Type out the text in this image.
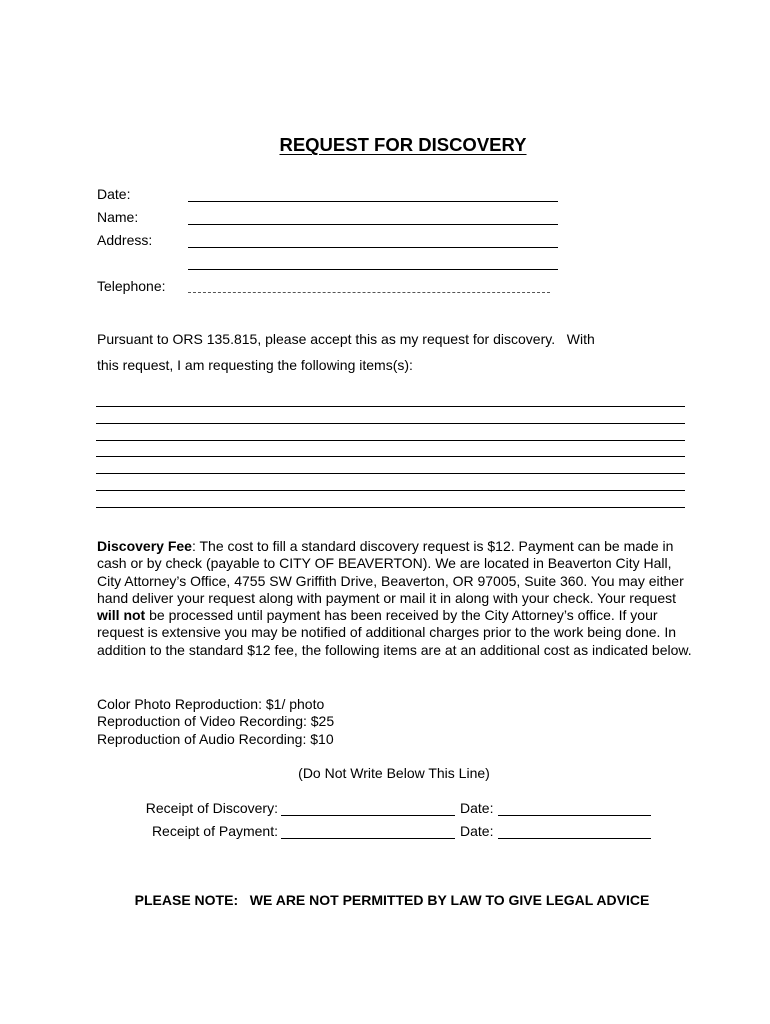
REQUEST FOR DISCOVERY
Date:
Name:
Address:
Telephone:
Pursuant to ORS 135.815, please accept this as my request for discovery.   With
this request, I am requesting the following items(s):
Discovery Fee: The cost to fill a standard discovery request is $12. Payment can be made in cash or by check (payable to CITY OF BEAVERTON). We are located in Beaverton City Hall, City Attorney’s Office, 4755 SW Griffith Drive, Beaverton, OR 97005, Suite 360. You may either hand deliver your request along with payment or mail it in along with your check. Your request will not be processed until payment has been received by the City Attorney’s office. If your request is extensive you may be notified of additional charges prior to the work being done. In addition to the standard $12 fee, the following items are at an additional cost as indicated below.
Color Photo Reproduction: $1/ photo
Reproduction of Video Recording: $25
Reproduction of Audio Recording: $10
(Do Not Write Below This Line)
Receipt of Discovery:	Date:
Receipt of Payment:	Date:
PLEASE NOTE:   WE ARE NOT PERMITTED BY LAW TO GIVE LEGAL ADVICE
